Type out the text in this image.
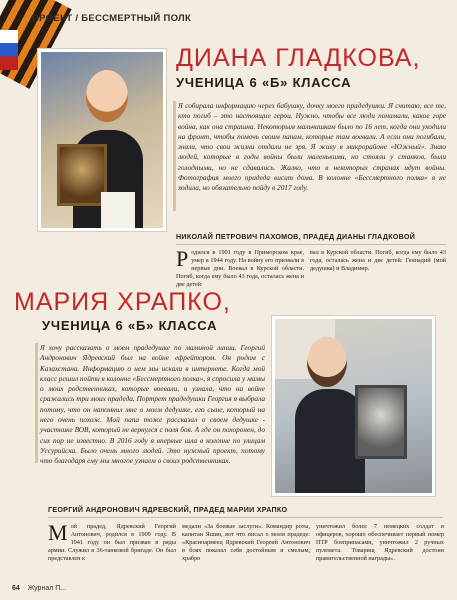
ПРОЕКТ / БЕССМЕРТНЫЙ ПОЛК
ДИАНА ГЛАДКОВА,
УЧЕНИЦА 6 «Б» КЛАССА
Я собирала информацию через бабушку, дочку моего прадедушки. Я считаю, все те, кто погиб – это настоящие герои. Нужно, чтобы все люди понимали, какое горе война, как она страшна. Некоторым мальчишкам было по 16 лет, когда они уходили на фронт, чтобы помочь своим папам, которые там воевали. А если они погибали, знали, что свои жизни отдали не зря. Я живу в микрорайоне «Южный». Знаю людей, которые в годы войны были маленькими, но стояли у станков, были голодными, но не сдавались. Жалко, что в некоторых странах идут войны. Фотография моего прадеда висит дома. В колонне «Бессмертного полка» я не ходила, но обязательно пойду в 2017 году.
НИКОЛАЙ ПЕТРОВИЧ ПАХОМОВ, ПРАДЕД ДИАНЫ ГЛАДКОВОЙ
Р одился в 1901 году в Приморском крае, умер в 1944 году. На войну его призвали в первые дни. Воевал в Курской области. Погиб, когда ему было 43 года, осталась жена и две детей:
вал в Курской области. Погиб, когда ему было 43 года, осталась жена и две детей: Геннадий (мой дедушка) и Владимир.
МАРИЯ ХРАПКО,
УЧЕНИЦА 6 «Б» КЛАССА
Я хочу рассказать о моем прадедушке по маминой линии. Георгий Андронович Ядревский был на войне ефрейтором. Он родом с Казахстана. Информацию о нем мы искали в интернете. Когда мой класс решил пойти в колонне «Бессмертного полка», я спросила у мамы о моих родственниках, которые воевали, и узнала, что на войне сражались три моих прадеда. Портрет прадедушки Георгия я выбрала потому, что он напомнил мне о моем дедушке, его сыне, который на него очень похож. Мой папа тоже рассказал о своем дедушке - участнике ВОВ, который не вернулся с поля боя. А где он похоронен, до сих пор не известно. В 2016 году я впервые шла в колонне по улицам Уссурийска. Было очень много людей. Это нужный проект, потому что благодаря ему мы многое узнаем о своих родственниках.
ГЕОРГИЙ АНДРОНОВИЧ ЯДРЕВСКИЙ, ПРАДЕД МАРИИ ХРАПКО
М ой прадед, Ядревский Георгий Антонович, родился в 1909 году. В 1941 году он был призван в ряды армии. Служил в 36-танковой бригаде. Он был представлен к
медали «За боевые заслуги». Командир роты, капитан Яшин, вот что писал о моем прадеде: «Красноармеец Ядревский Георгий Антонович в боях показал себя достойным и смелым, храбро
уничтожил более 7 немецких солдат и офицеров, хорошо обеспечивает первый номер ПТР боеприпасами, уничтожил 2 ручных пулемета. Товарищ Ядревский достоин правительственной награды».
64 Журнал П...
